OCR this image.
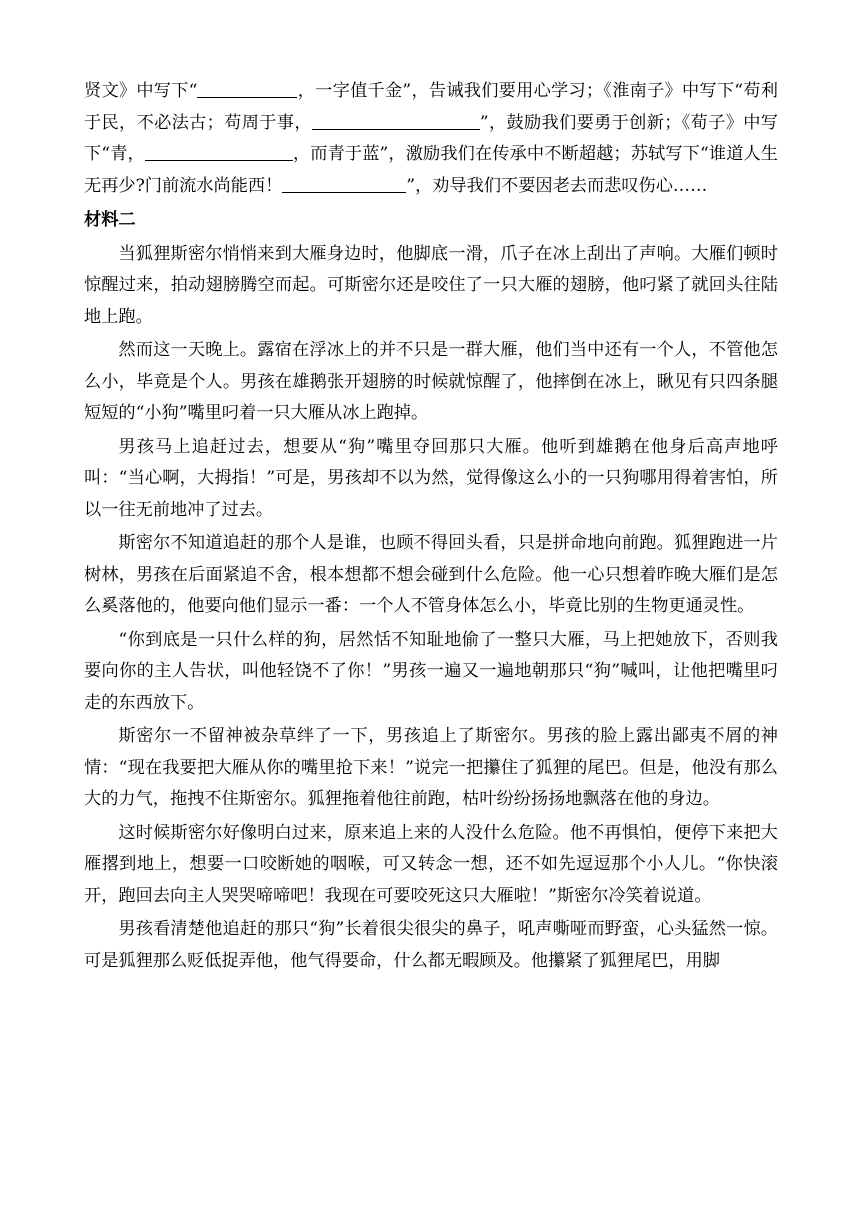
贤文》中写下“	，一字值千金”，告诫我们要用心学习；《淮南子》中写下“苟利于民，不必法古；苟周于事，	”，鼓励我们要勇于创新；《荀子》中写下“青，	，而青于蓝”，激励我们在传承中不断超越；苏轼写下“谁道人生无再少?门前流水尚能西！	”，劝导我们不要因老去而悲叹伤心……

材料二

当狐狸斯密尔悄悄来到大雁身边时，他脚底一滑，爪子在冰上刮出了声响。大雁们顿时惊醒过来，拍动翅膀腾空而起。可斯密尔还是咬住了一只大雁的翅膀，他叼紧了就回头往陆地上跑。

然而这一天晚上。露宿在浮冰上的并不只是一群大雁，他们当中还有一个人，不管他怎么小，毕竟是个人。男孩在雄鹅张开翅膀的时候就惊醒了，他摔倒在冰上，瞅见有只四条腿短短的“小狗”嘴里叼着一只大雁从冰上跑掉。

男孩马上追赶过去，想要从“狗”嘴里夺回那只大雁。他听到雄鹅在他身后高声地呼叫：“当心啊，大拇指！”可是，男孩却不以为然，觉得像这么小的一只狗哪用得着害怕，所以一往无前地冲了过去。

斯密尔不知道追赶的那个人是谁，也顾不得回头看，只是拼命地向前跑。狐狸跑进一片树林，男孩在后面紧追不舍，根本想都不想会碰到什么危险。他一心只想着昨晚大雁们是怎么奚落他的，他要向他们显示一番：一个人不管身体怎么小，毕竟比别的生物更通灵性。

“你到底是一只什么样的狗，居然恬不知耻地偷了一整只大雁，马上把她放下，否则我要向你的主人告状，叫他轻饶不了你！”男孩一遍又一遍地朝那只“狗”喊叫，让他把嘴里叼走的东西放下。

斯密尔一不留神被杂草绊了一下，男孩追上了斯密尔。男孩的脸上露出鄙夷不屑的神情：“现在我要把大雁从你的嘴里抢下来！”说完一把攥住了狐狸的尾巴。但是，他没有那么大的力气，拖拽不住斯密尔。狐狸拖着他往前跑，枯叶纷纷扬扬地飘落在他的身边。

这时候斯密尔好像明白过来，原来追上来的人没什么危险。他不再惧怕，便停下来把大雁撂到地上，想要一口咬断她的咽喉，可又转念一想，还不如先逗逗那个小人儿。“你快滚开，跑回去向主人哭哭啼啼吧！我现在可要咬死这只大雁啦！”斯密尔冷笑着说道。

男孩看清楚他追赶的那只“狗”长着很尖很尖的鼻子，吼声嘶哑而野蛮，心头猛然一惊。可是狐狸那么贬低捉弄他，他气得要命，什么都无暇顾及。他攥紧了狐狸尾巴，用脚
